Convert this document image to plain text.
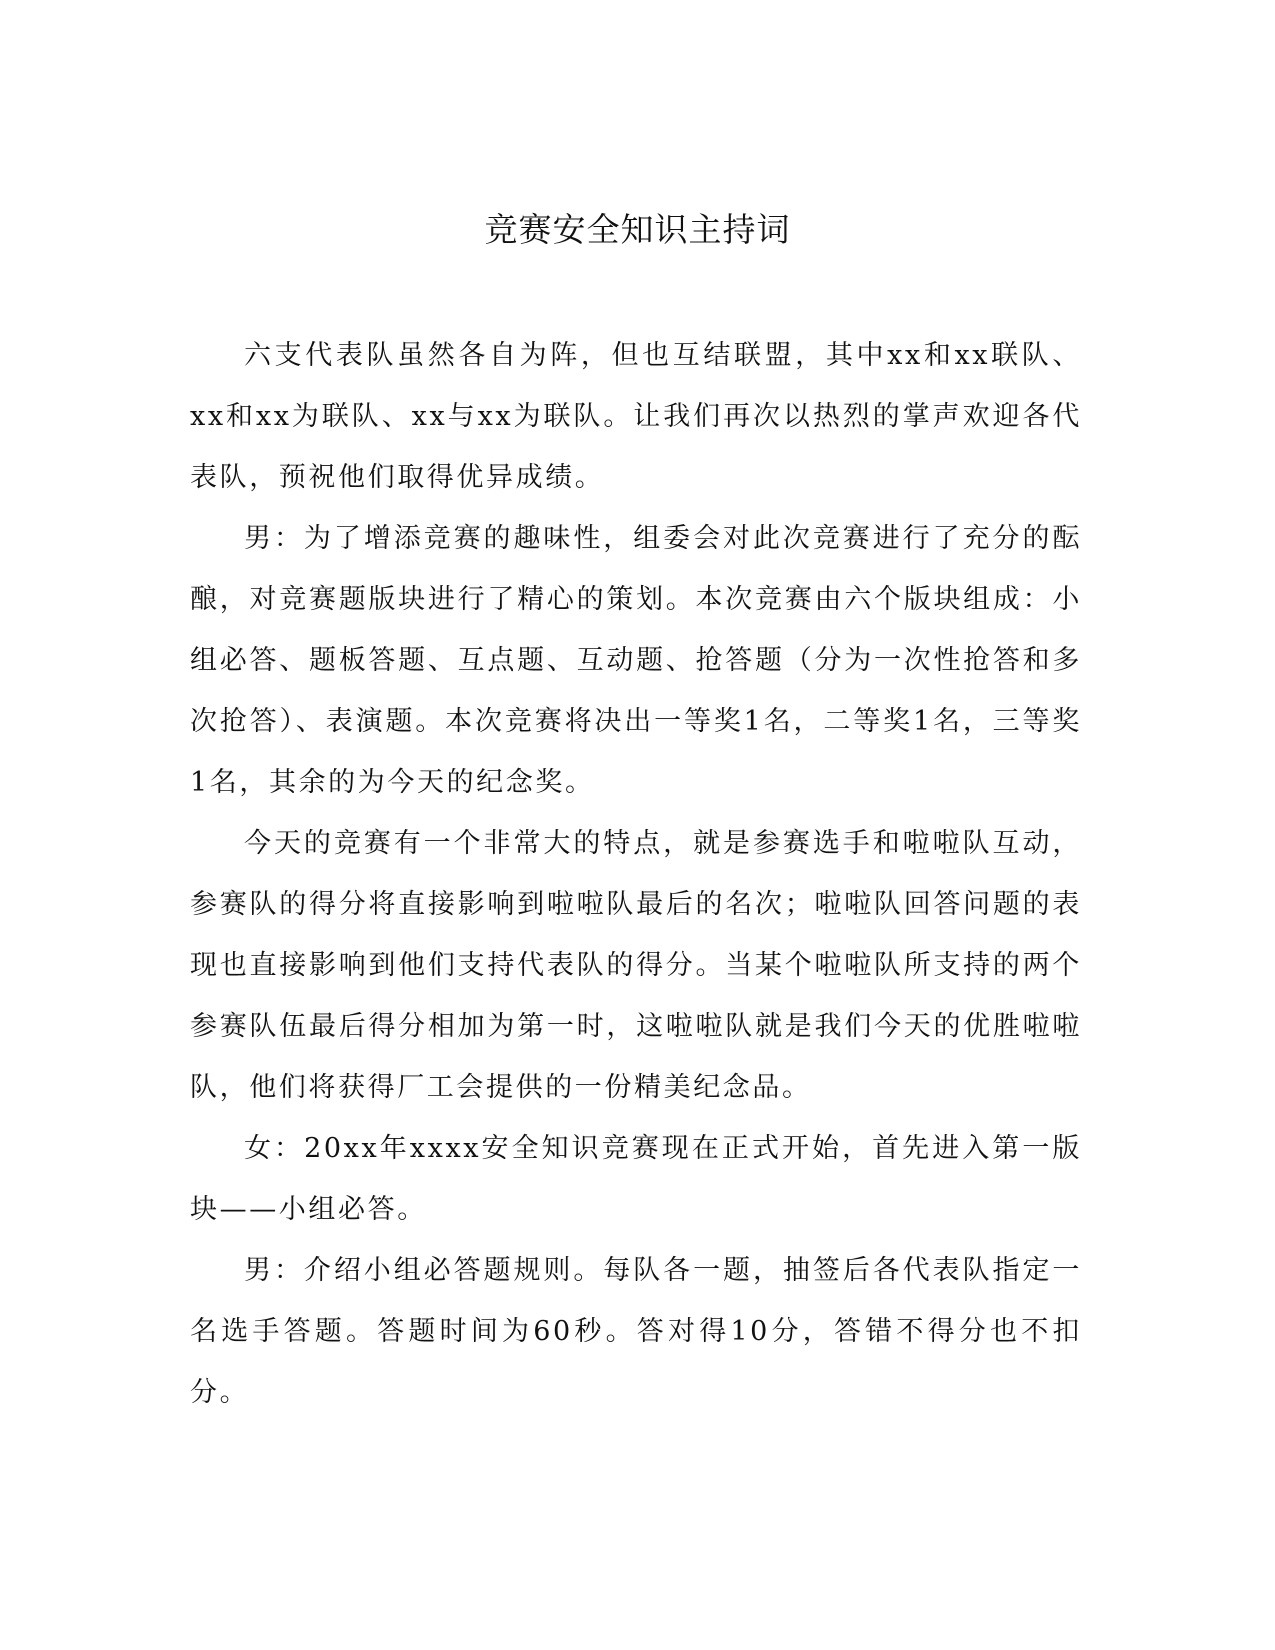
竞赛安全知识主持词

六支代表队虽然各自为阵，但也互结联盟，其中xx和xx联队、xx和xx为联队、xx与xx为联队。让我们再次以热烈的掌声欢迎各代表队，预祝他们取得优异成绩。

男：为了增添竞赛的趣味性，组委会对此次竞赛进行了充分的酝酿，对竞赛题版块进行了精心的策划。本次竞赛由六个版块组成：小组必答、题板答题、互点题、互动题、抢答题（分为一次性抢答和多次抢答）、表演题。本次竞赛将决出一等奖1名，二等奖1名，三等奖1名，其余的为今天的纪念奖。

今天的竞赛有一个非常大的特点，就是参赛选手和啦啦队互动，参赛队的得分将直接影响到啦啦队最后的名次；啦啦队回答问题的表现也直接影响到他们支持代表队的得分。当某个啦啦队所支持的两个参赛队伍最后得分相加为第一时，这啦啦队就是我们今天的优胜啦啦队，他们将获得厂工会提供的一份精美纪念品。

女：20xx年xxxx安全知识竞赛现在正式开始，首先进入第一版块——小组必答。

男：介绍小组必答题规则。每队各一题，抽签后各代表队指定一名选手答题。答题时间为60秒。答对得10分，答错不得分也不扣分。
